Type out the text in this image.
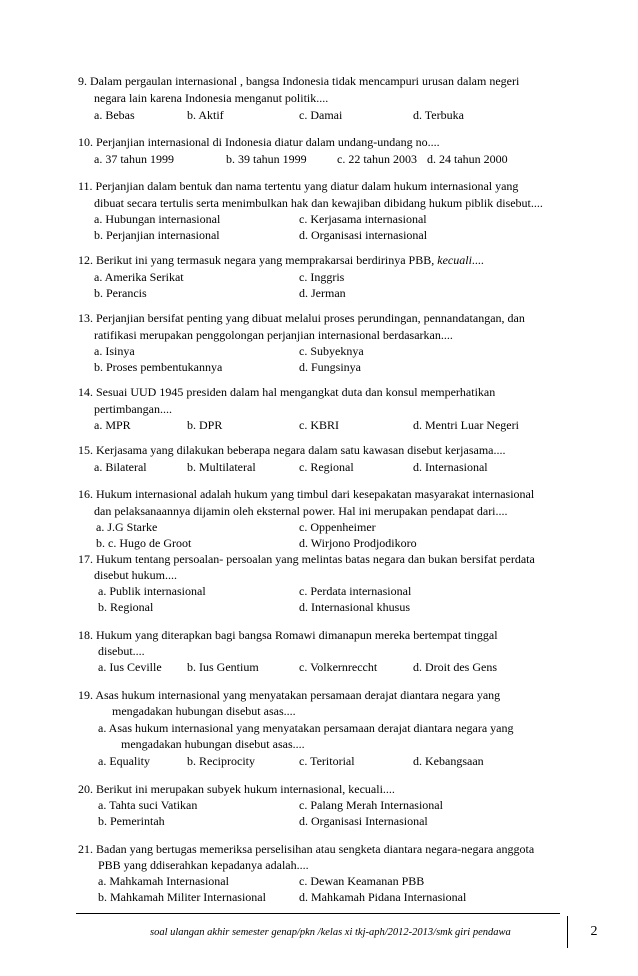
9. Dalam pergaulan internasional , bangsa Indonesia tidak mencampuri urusan dalam negeri
negara lain karena Indonesia menganut politik....
a. Bebas	b. Aktif	c. Damai	d. Terbuka
10. Perjanjian internasional di Indonesia diatur dalam undang-undang no....
a. 37 tahun 1999	b. 39 tahun 1999	c. 22 tahun 2003 d. 24 tahun 2000
11. Perjanjian dalam bentuk dan nama tertentu yang diatur dalam hukum internasional yang
dibuat secara tertulis serta menimbulkan hak dan kewajiban dibidang hukum piblik disebut....
a. Hubungan internasional	c. Kerjasama internasional
b. Perjanjian internasional	d. Organisasi internasional
12. Berikut ini yang termasuk negara yang memprakarsai berdirinya PBB, kecuali....
a. Amerika Serikat	c. Inggris
b. Perancis	d. Jerman
13. Perjanjian bersifat penting yang dibuat melalui proses perundingan, pennandatangan, dan
ratifikasi merupakan penggolongan perjanjian internasional berdasarkan....
a. Isinya	c. Subyeknya
b. Proses pembentukannya	d. Fungsinya
14. Sesuai UUD 1945 presiden dalam hal mengangkat duta dan konsul memperhatikan
pertimbangan....
a. MPR	b. DPR	c. KBRI	d. Mentri Luar Negeri
15. Kerjasama yang dilakukan beberapa negara dalam satu kawasan disebut kerjasama....
a. Bilateral	b. Multilateral	c. Regional	d. Internasional
16. Hukum internasional adalah hukum yang timbul dari kesepakatan masyarakat internasional
dan pelaksanaannya dijamin oleh eksternal power. Hal ini merupakan pendapat dari....
a. J.G Starke	c. Oppenheimer
b. c. Hugo de Groot	d. Wirjono Prodjodikoro
17. Hukum tentang persoalan- persoalan yang melintas batas negara dan bukan bersifat perdata
disebut hukum....
a. Publik internasional	c. Perdata internasional
b. Regional	d. Internasional khusus
18. Hukum yang diterapkan bagi bangsa Romawi dimanapun mereka bertempat tinggal
disebut....
a. Ius Ceville b. Ius Gentium	c. Volkernreccht	d. Droit des Gens
19. Asas hukum internasional yang menyatakan persamaan derajat diantara negara yang
mengadakan hubungan disebut asas....
a. Asas hukum internasional yang menyatakan persamaan derajat diantara negara yang
mengadakan hubungan disebut asas....
a. Equality	b. Reciprocity	c. Teritorial	d. Kebangsaan
20. Berikut ini merupakan subyek hukum internasional, kecuali....
a. Tahta suci Vatikan	c. Palang Merah Internasional
b. Pemerintah	d. Organisasi Internasional
21. Badan yang bertugas memeriksa perselisihan atau sengketa diantara negara-negara anggota
PBB yang ddiserahkan kepadanya adalah....
a. Mahkamah Internasional	c. Dewan Keamanan PBB
b. Mahkamah Militer Internasional	d. Mahkamah Pidana Internasional
soal ulangan akhir semester genap/pkn /kelas xi tkj-aph/2012-2013/smk giri pendawa	2
